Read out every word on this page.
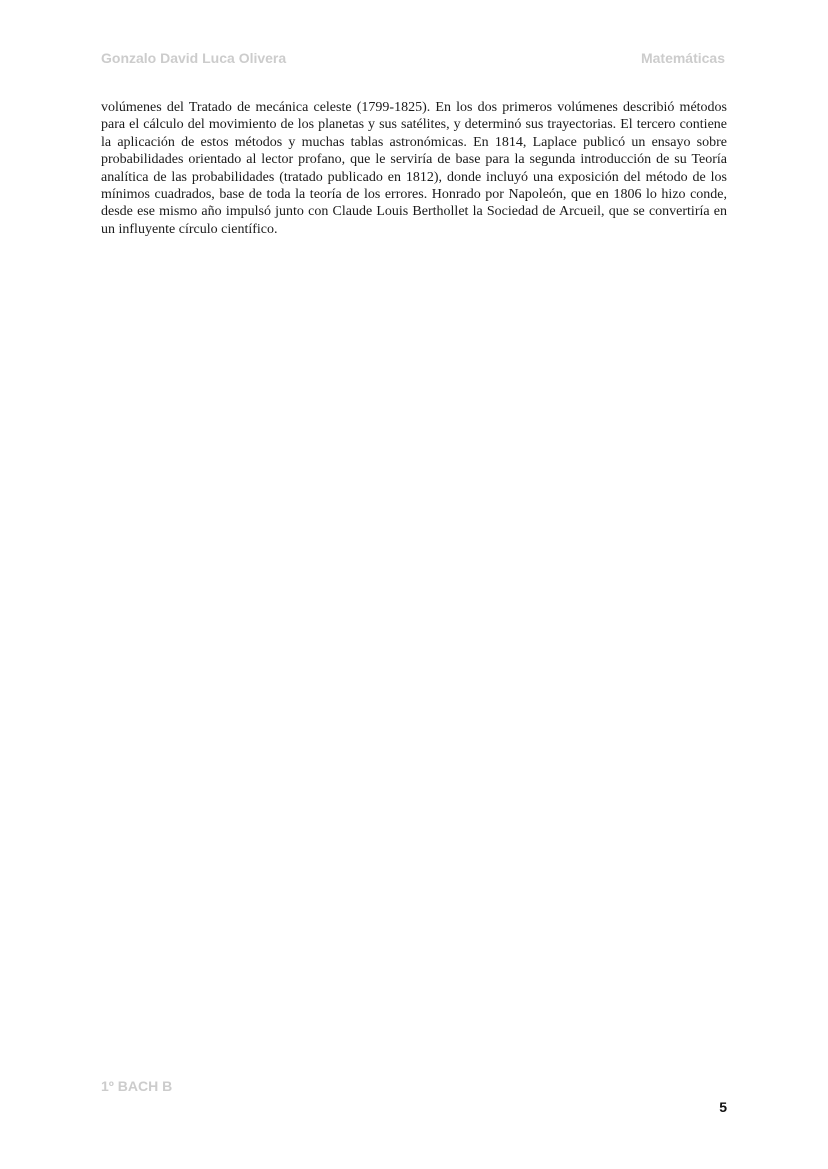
Gonzalo David Luca Olivera	Matemáticas

volúmenes del Tratado de mecánica celeste (1799-1825). En los dos primeros volúmenes describió métodos para el cálculo del movimiento de los planetas y sus satélites, y determinó sus trayectorias. El tercero contiene la aplicación de estos métodos y muchas tablas astronómicas. En 1814, Laplace publicó un ensayo sobre probabilidades orientado al lector profano, que le serviría de base para la segunda introducción de su Teoría analítica de las probabilidades (tratado publicado en 1812), donde incluyó una exposición del método de los mínimos cuadrados, base de toda la teoría de los errores. Honrado por Napoleón, que en 1806 lo hizo conde, desde ese mismo año impulsó junto con Claude Louis Berthollet la Sociedad de Arcueil, que se convertiría en un influyente círculo científico.

1º BACH B
5
